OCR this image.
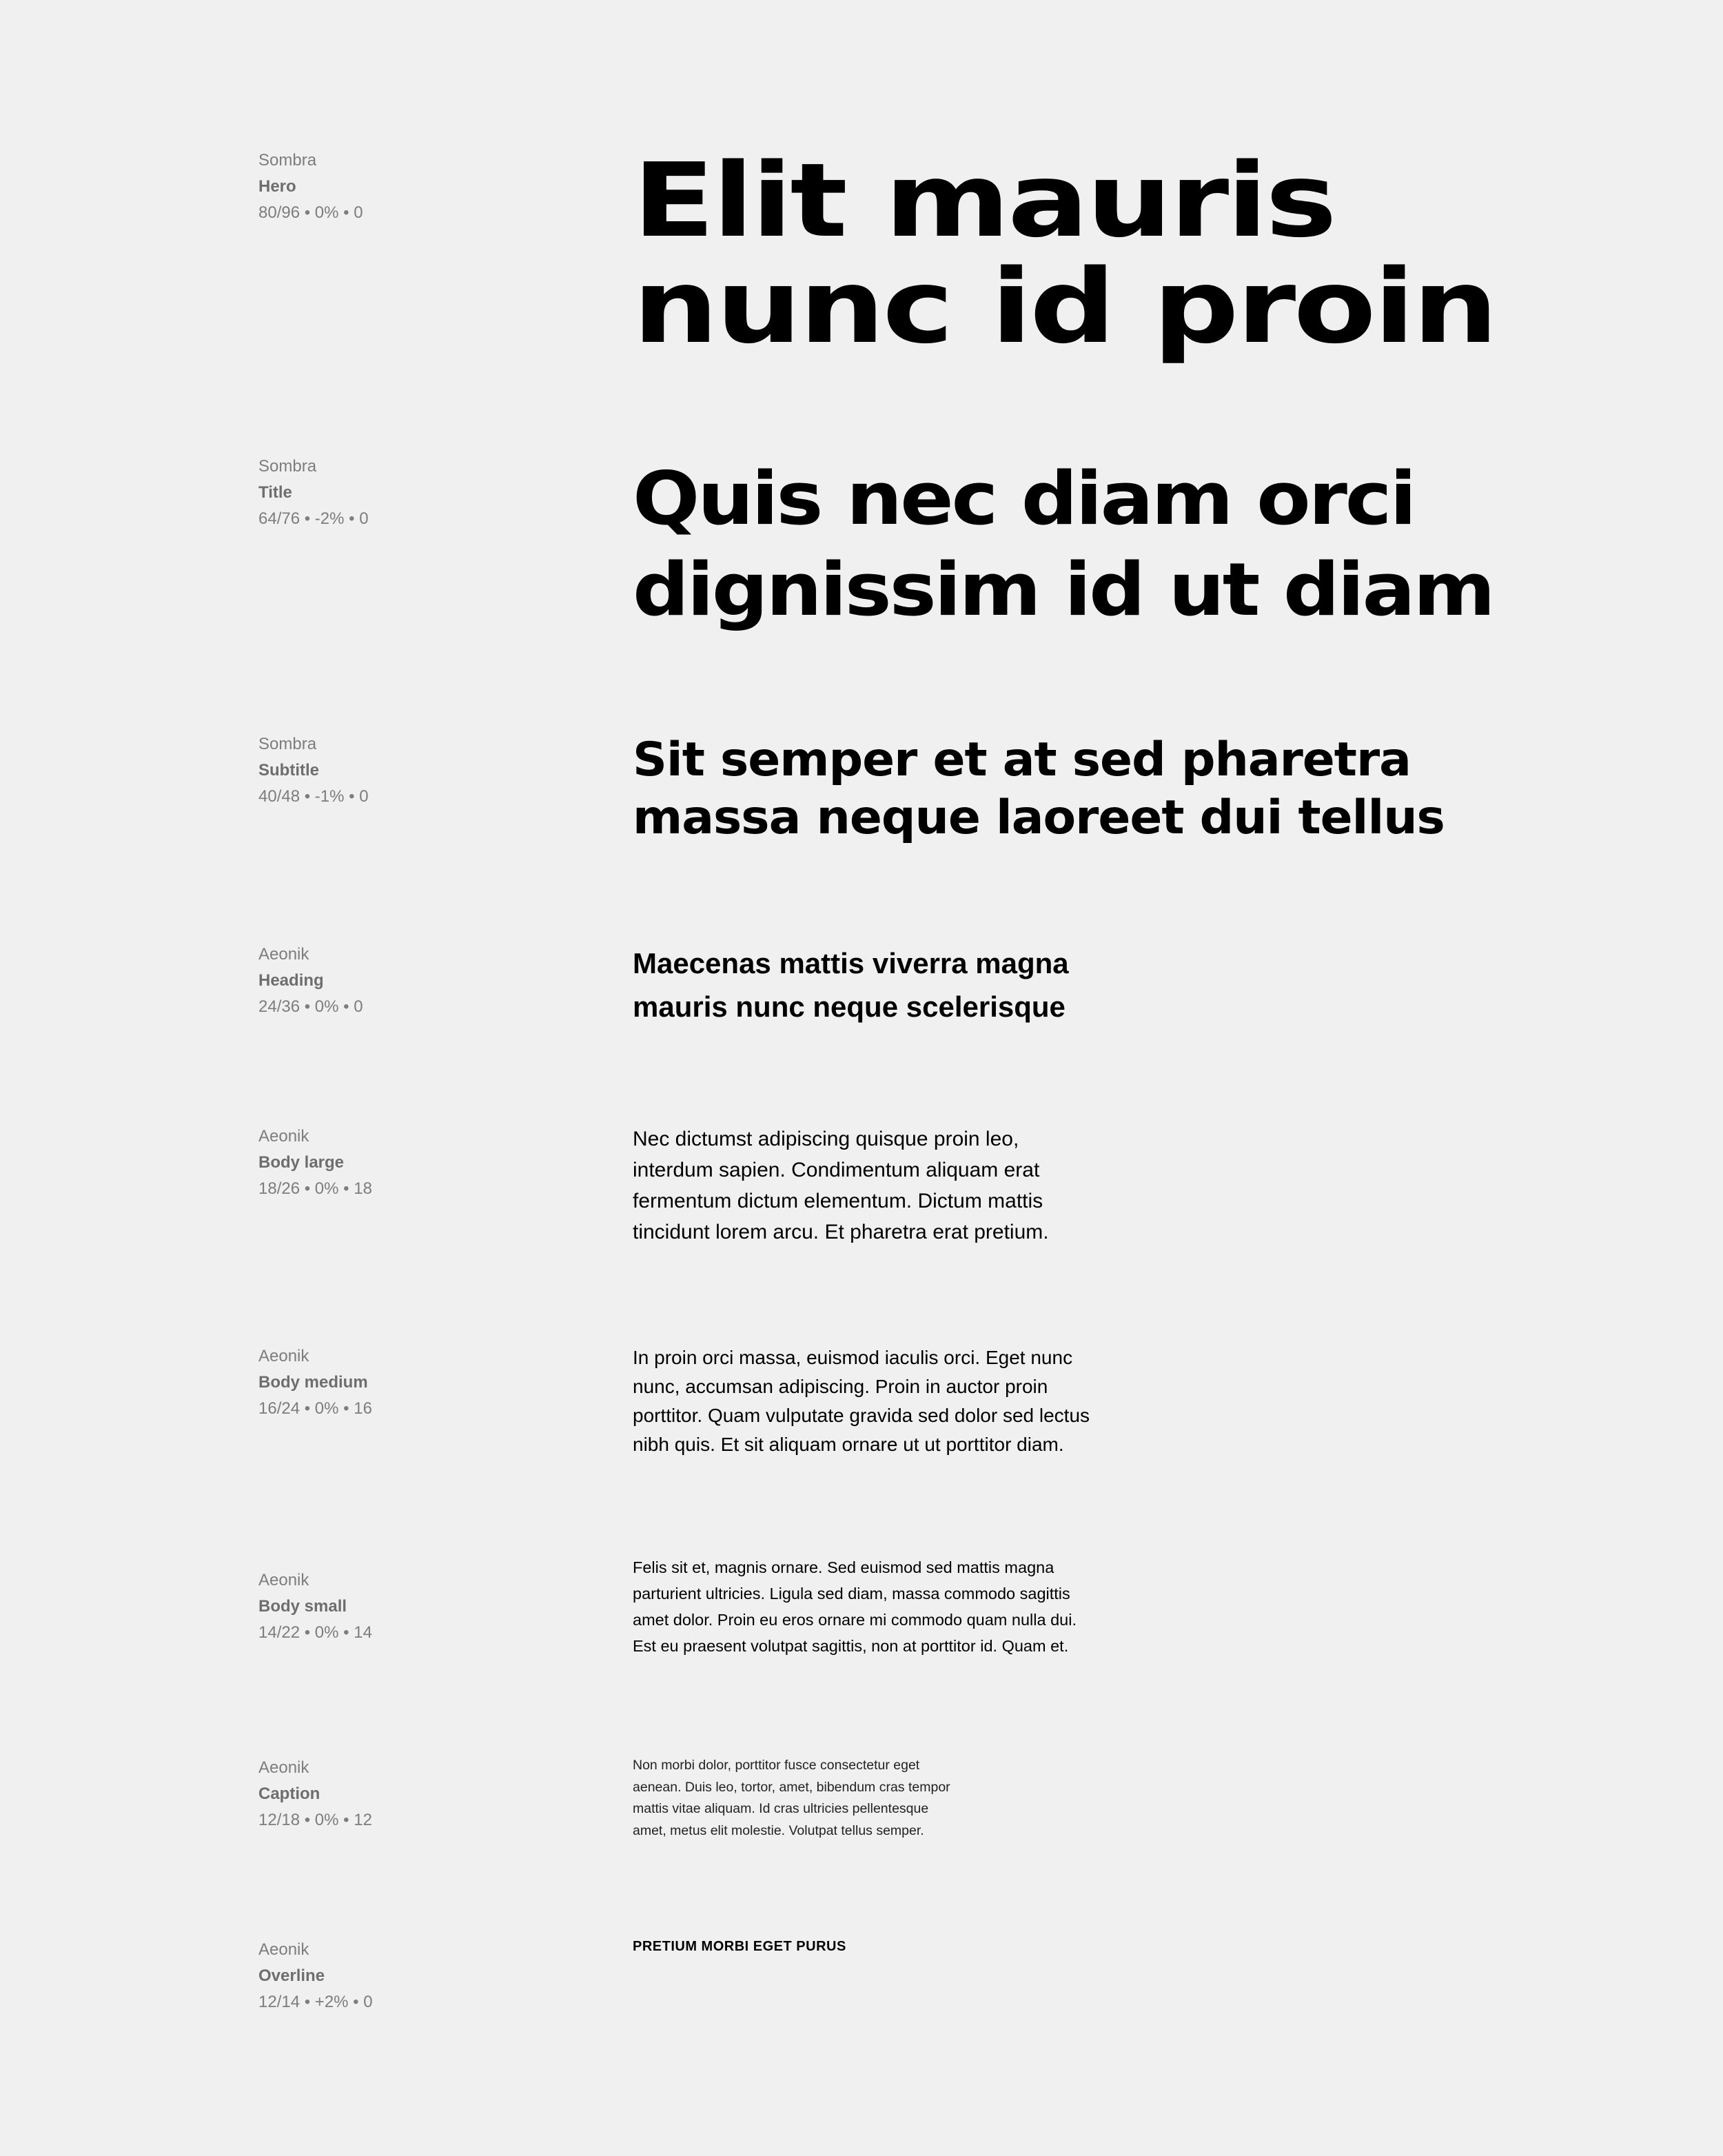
Sombra
Hero
80/96 • 0% • 0	Elit mauris
nunc id proin
Sombra
Title
64/76 • -2% • 0	Quis nec diam orci
dignissim id ut diam
Sombra
Subtitle
40/48 • -1% • 0
Sit semper et at sed pharetra
massa neque laoreet dui tellus
Aeonik
Heading
24/36 • 0% • 0
Maecenas mattis viverra magna
mauris nunc neque scelerisque
Aeonik
Body large
18/26 • 0% • 18
Nec dictumst adipiscing quisque proin leo,
interdum sapien. Condimentum aliquam erat
fermentum dictum elementum. Dictum mattis
tincidunt lorem arcu. Et pharetra erat pretium.
Aeonik
Body medium
16/24 • 0% • 16
In proin orci massa, euismod iaculis orci. Eget nunc
nunc, accumsan adipiscing. Proin in auctor proin
porttitor. Quam vulputate gravida sed dolor sed lectus
nibh quis. Et sit aliquam ornare ut ut porttitor diam.
Aeonik
Body small
14/22 • 0% • 14
Felis sit et, magnis ornare. Sed euismod sed mattis magna
parturient ultricies. Ligula sed diam, massa commodo sagittis
amet dolor. Proin eu eros ornare mi commodo quam nulla dui.
Est eu praesent volutpat sagittis, non at porttitor id. Quam et.
Aeonik
Caption
12/18 • 0% • 12
Non morbi dolor, porttitor fusce consectetur eget
aenean. Duis leo, tortor, amet, bibendum cras tempor
mattis vitae aliquam. Id cras ultricies pellentesque
amet, metus elit molestie. Volutpat tellus semper.
Aeonik
Overline
12/14 • +2% • 0
PRETIUM MORBI EGET PURUS
